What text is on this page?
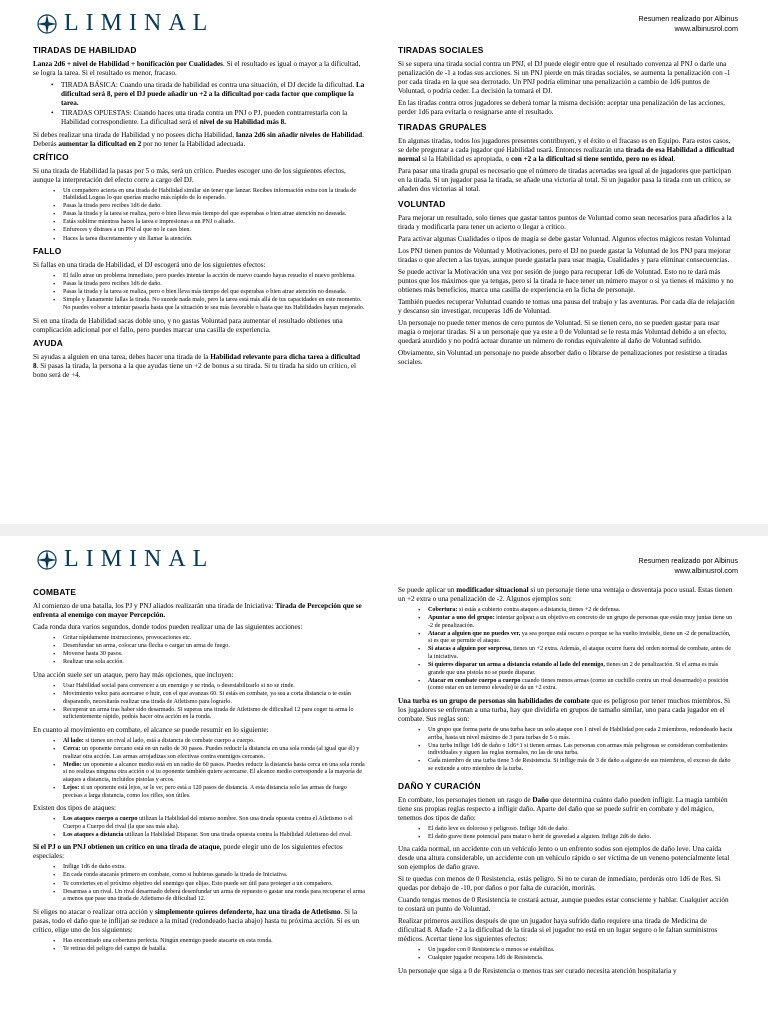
LIMINAL	Resumen realizado por Albinus
www.albinusrol.com
TIRADAS DE HABILIDAD

Lanza 2d6 + nivel de Habilidad + bonificación por Cualidades. Si el resultado es igual o mayor a la dificultad, se logra la tarea. Si el resultado es menor, fracaso.

• TIRADA BÁSICA: Cuando una tirada de habilidad es contra una situación, el DJ decide la dificultad. La dificultad será 8, pero el DJ puede añadir un +2 a la dificultad por cada factor que complique la tarea.
• TIRADAS OPUESTAS: Cuando haces una tirada contra un PNJ o PJ, pueden contrarrestarla con la Habilidad correspondiente. La dificultad será el nivel de su Habilidad más 8.

Si debes realizar una tirada de Habilidad y no posees dicha Habilidad, lanza 2d6 sin añadir niveles de Habilidad. Deberás aumentar la dificultad en 2 por no tener la Habilidad adecuada.

CRÍTICO

Si una tirada de Habilidad la pasas por 5 o más, será un crítico. Puedes escoger uno de los siguientes efectos, aunque la interpretación del efecto corre a cargo del DJ.

• Un compañero acierta en una tirada de Habilidad similar sin tener que lanzar. Recibes información extra con la tirada de Habilidad.Logras lo que querías mucho más rápido de lo esperado.
• Pasas la tirada pero recibes 1d6 de daño.
• Pasas la tirada y la tarea se realiza, pero o bien lleva más tiempo del que esperabas o bien atrae atención no deseada.
• Estás sublime mientras haces la tarea e impresionas a un PNJ o aliado.
• Enfureces y distraes a un PNJ al que no le caes bien.
• Haces la tarea discretamente y sin llamar la atención.
FALLO

Si fallas en una tirada de Habilidad, el DJ escogerá uno de los siguientes efectos:

• El fallo atrae un problema inmediato, pero puedes intentar la acción de nuevo cuando hayas resuelto el nuevo problema.
• Pasas la tirada pero recibes 1d6 de daño.
• Pasas la tirada y la tarea se realiza, pero o bien lleva más tiempo del que esperabas o bien atrae atención no deseada.
• Simple y llanamente fallas la tirada. No sucede nada malo, pero la tarea está más allá de tus capacidades en este momento. No puedes volver a intentar pasarla hasta que la situación te sea más favorable o hasta que tus Habilidades hayan mejorado.

Si en una tirada de Habilidad sacas doble uno, y no gastas Voluntad para aumentar el resultado obtienes una complicación adicional por el fallo, pero puedes marcar una casilla de experiencia.

AYUDA

Si ayudas a alguien en una tarea, debes hacer una tirada de la Habilidad relevante para dicha tarea a dificultad 8. Si pasas la tirada, la persona a la que ayudas tiene un +2 de bonus a su tirada. Si tu tirada ha sido un crítico, el bono será de +4.

TIRADAS SOCIALES

Si se supera una tirada social contra un PNJ, el DJ puede elegir entre que el resultado convenza al PNJ o darle una penalización de -1 a todas sus acciones. Si un PNJ pierde en más tiradas sociales, se aumenta la penalización con -1 por cada tirada en la que sea derrotado. Un PNJ podría eliminar una penalización a cambio de 1d6 puntos de Voluntad, o podría ceder. La decisión la tomará el DJ.

En las tiradas contra otros jugadores se deberá tomar la misma decisión: aceptar una penalización de las acciones, perder 1d6 para evitarla o resignarse ante el resultado.

TIRADAS GRUPALES

En algunas tiradas, todos los jugadores presentes contribuyen, y el éxito o el fracaso es en Equipo. Para estos casos, se debe preguntar a cada jugador qué Habilidad usará. Entonces realizarán una tirada de esa Habilidad a dificultad normal si la Habilidad es apropiada, o con +2 a la dificultad si tiene sentido, pero no es ideal.

Para pasar una tirada grupal es necesario que el número de tiradas acertadas sea igual al de jugadores que participan en la tirada. Si un jugador pasa la tirada, se añade una victoria al total. Si un jugador pasa la tirada con un crítico, se añaden dos victorias al total.

VOLUNTAD

Para mejorar un resultado, solo tienes que gastar tantos puntos de Voluntad como sean necesarios para añadirlos a la tirada y modificarla para tener un acierto o llegar a crítico.

Para activar algunas Cualidades o tipos de magia se debe gastar Voluntad. Algunos efectos mágicos restan Voluntad

Los PNJ tienen puntos de Voluntad y Motivaciones, pero el DJ no puede gastar la Voluntad de los PNJ para mejorar tiradas o que afecten a las tuyas, aunque puede gastarla para usar magia, Cualidades y para eliminar consecuencias.

Se puede activar la Motivación una vez por sesión de juego para recuperar 1d6 de Voluntad. Esto no te dará más puntos que los máximos que ya tengas, pero si la tirada te hace tener un número mayor o si ya tienes el máximo y no obtienes más beneficios, marca una casilla de experiencia en la ficha de personaje.

También puedes recuperar Voluntad cuando te tomas una pausa del trabajo y las aventuras. Por cada día de relajación y descanso sin investigar, recuperas 1d6 de Voluntad.

Un personaje no puede tener menos de cero puntos de Voluntad. Si se tienen cero, no se pueden gastar para usar magia o mejorar tiradas. Si a un personaje que ya este a 0 de Voluntad se le resta más Voluntad debido a un efecto, quedará aturdido y no podrá actuar durante un número de rondas equivalente al daño de Voluntad sufrido.

Obviamente, sin Voluntad un personaje no puede absorber daño o librarse de penalizaciones por resistirse a tiradas sociales.

LIMINAL	Resumen realizado por Albinus
www.albinusrol.com
COMBATE

Al comienzo de una batalla, los PJ y PNJ aliados realizarán una tirada de Iniciativa: Tirada de Percepción que se enfrenta al enemigo con mayor Percepción.

Cada ronda dura varios segundos, donde todos pueden realizar una de las siguientes acciones:

• Gritar rápidamente instrucciones, provocaciones etc.
• Desenfundar un arma, colocar una flecha o cargar un arma de fuego.
• Moverse hasta 30 pasos.
• Realizar una sola acción.

Una acción suele ser un ataque, pero hay más opciones, que incluyen:

• Usar Habilidad social para convencer a un enemigo y se rinda, o desestabilizarlo si no se rinde.
• Movimiento veloz para acercarse o huir, con el que avanzas 60. Si estás en combate, ya sea a corta distancia o te están disparando, necesitarás realizar una tirada de Atletismo para lograrlo.
• Recuperar un arma tras haber sido desarmado. Si superas una tirada de Atletismo de dificultad 12 para coger tu arma lo suficientemente rápido, podrás hacer otra acción en la ronda.

En cuanto al movimiento en combate, el alcance se puede resumir en lo siguiente:

• Al lado: si tienes un rival al lado, está a distancia de combate cuerpo a cuerpo.
• Cerca: un oponente cercano está en un radio de 30 pasos. Puedes reducir la distancia en una sola ronda (al igual que él) y realizar otra acción. Las armas arrojadizas son efectivas contra enemigos cercanos.
• Medio: un oponente a alcance medio está en un radio de 60 pasos. Puedes reducir la distancia hasta cerca en una sola ronda si no realizas ninguna otra acción o si tu oponente también quiere acercarse. El alcance medio corresponde a la mayoría de ataques a distancia, incluidos pistolas y arcos.
• Lejos: si un oponente está lejos, se le ve; pero está a 120 pasos de distancia. A esta distancia solo las armas de fuego precisas a larga distancia, como los rifles, son útiles.

Existen dos tipos de ataques:

• Los ataques cuerpo a cuerpo utilizan la Habilidad del mismo nombre. Son una tirada opuesta contra el Atletismo o el Cuerpo a Cuerpo del rival (la que sea más alta).
• Los ataques a distancia utilizan la Habilidad Disparar. Son una tirada opuesta contra la Habilidad Atletismo del rival.

Si el PJ o un PNJ obtienen un crítico en una tirada de ataque, puede elegir uno de los siguientes efectos especiales:

• Inflige 1d6 de daño extra.
• En cada ronda atacarás primero en combate, como si hubieras ganado la tirada de Iniciativa.
• Te conviertes en el próximo objetivo del enemigo que elijas. Esto puede ser útil para proteger a un compañero.
• Desarmas a un rival. Un rival desarmado deberá desenfundar un arma de repuesto o gastar una ronda para recuperar el arma a menos que pase una tirada de Atletismo de dificultad 12.

Si eliges no atacar o realizar otra acción y simplemente quieres defenderte, haz una tirada de Atletismo. Si la pasas, todo el daño que te inflijan se reduce a la mitad (redondeado hacia abajo) hasta tu próxima acción. Si es un crítico, elige uno de los siguientes:

• Has encontrado una cobertura perfecta. Ningún enemigo puede atacarte en esta ronda.
• Te retiras del peligro del campo de batalla.

Se puede aplicar un modificador situacional si un personaje tiene una ventaja o desventaja poco usual. Estas tienen un +2 extra o una penalización de -2. Algunos ejemplos son:

• Cobertura: si estás a cubierto contra ataques a distancia, tienes +2 de defensa.
• Apuntar a uno del grupo: intentar golpear a un objetivo en concreto de un grupo de personas que están muy juntas tiene un -2 de penalización.
• Atacar a alguien que no puedes ver, ya sea porque está oscuro o porque se ha vuelto invisible, tiene un -2 de penalización, si es que se permite el ataque.
• Si atacas a alguien por sorpresa, tienes un +2 extra. Además, el ataque ocurre fuera del orden normal de combate, antes de la iniciativa.
• Si quieres disparar un arma a distancia estando al lado del enemigo, tienes un 2 de penalización. Si el arma es más grande que una pistola no se puede disparar.
• Atacar en combate cuerpo a cuerpo cuando tienes menos armas (como un cuchillo contra un rival desarmado) o posición (como estar en un terreno elevado) te da un +2 extra.

Una turba es un grupo de personas sin habilidades de combate que es peligroso por tener muchos miembros. Si los jugadores se enfrentan a una turba, hay que dividirla en grupos de tamaño similar, uno para cada jugador en el combate. Sus reglas son:

• Un grupo que forma parte de una turba hace un solo ataque con 1 nivel de Habilidad por cada 2 miembros, redondeado hacia arriba, hasta un nivel máximo de 3 para turbas de 5 o más.
• Una turba inflige 1d6 de daño o 1d6+1 si tienen armas. Las personas con armas más peligrosas se consideran combatientes individuales y siguen las reglas normales, no las de una turba.
• Cada miembro de una turba tiene 3 de Resistencia. Si inflige más de 3 de daño a alguno de sus miembros, el exceso de daño se extiende a otro miembro de la turba.
DAÑO Y CURACIÓN

En combate, los personajes tienen un rasgo de Daño que determina cuánto daño pueden infligir. La magia también tiene sus propias reglas respecto a infligir daño. Aparte del daño que se puede sufrir en combate y del mágico, tenemos dos tipos de daño:

• El daño leve es doloroso y peligroso. Inflige 1d6 de daño.
• El daño grave tiene potencial para matar o herir de gravedad a alguien. Inflige 2d6 de daño.

Una caída normal, un accidente con un vehículo lento o un enfrento sodos son ejemplos de daño leve. Una caída desde una altura considerable, un accidente con un vehículo rápido o ser víctima de un veneno potencialmente letal son ejemplos de daño grave.

Si te quedas con menos de 0 Resistencia, estás peligro. Si no te curan de inmediato, perderás otro 1d6 de Res. Si quedas por debajo de -10, por daños o por falta de curación, morirás.

Cuando tengas menos de 0 Resistencia te costará actuar, aunque puedes estar consciente y hablar. Cualquier acción te costará un punto de Voluntad.

Realizar primeros auxilios después de que un jugador haya sufrido daño requiere una tirada de Medicina de dificultad 8. Añade +2 a la dificultad de la tirada si el jugador no está en un lugar seguro o le faltan suministros médicos. Acertar tiene los siguientes efectos:

• Un jugador con 0 Resistencia o menos se estabiliza.
• Cualquier jugador recupera 1d6 de Resistencia.

Un personaje que siga a 0 de Resistencia o menos tras ser curado necesita atención hospitalaria y
